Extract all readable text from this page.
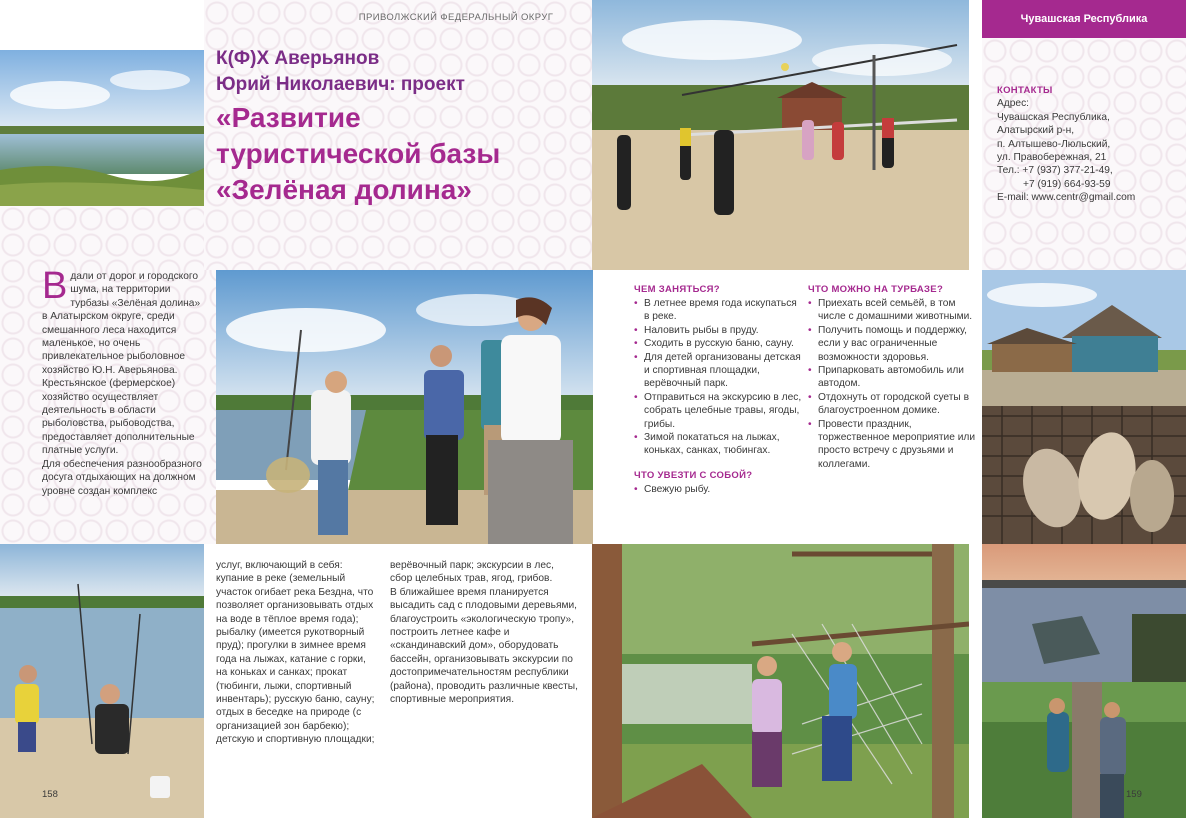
ПРИВОЛЖСКИЙ ФЕДЕРАЛЬНЫЙ ОКРУГ	Чувашская Республика
К(Ф)Х Аверьянов
Юрий Николаевич: проект
«Развитие
туристической базы
«Зелёная долина»
Вдали от дорог и городского шума, на территории турбазы «Зелёная долина» в Алатырском округе, среди смешанного леса находится маленькое, но очень привлекательное рыболовное хозяйство Ю.Н. Аверьянова. Крестьянское (фермерское) хозяйство осуществляет деятельность в области рыболовства, рыбоводства, предоставляет дополнительные платные услуги.
Для обеспечения разнообразного досуга отдыхающих на должном уровне создан комплекс
ЧЕМ ЗАНЯТЬСЯ?
• В летнее время года искупаться в реке.
• Наловить рыбы в пруду.
• Сходить в русскую баню, сауну.
• Для детей организованы детская и спортивная площадки, верёвочный парк.
• Отправиться на экскурсию в лес, собрать целебные травы, ягоды, грибы.
• Зимой покататься на лыжах, коньках, санках, тюбингах.
ЧТО УВЕЗТИ С СОБОЙ?
• Свежую рыбу.
ЧТО МОЖНО НА ТУРБАЗЕ?
• Приехать всей семьёй, в том числе с домашними животными.
• Получить помощь и поддержку, если у вас ограниченные возможности здоровья.
• Припарковать автомобиль или автодом.
• Отдохнуть от городской суеты в благоустроенном домике.
• Провести праздник, торжественное мероприятие или просто встречу с друзьями и коллегами.
КОНТАКТЫ
Адрес:
Чувашская Республика,
Алатырский р-н,
п. Алтышево-Люльский,
ул. Правобережная, 21
Тел.: +7 (937) 377-21-49,
+7 (919) 664-93-59
E-mail: www.centr@gmail.com
158
услуг, включающий в себя: купание в реке (земельный участок огибает река Бездна, что позволяет организовывать отдых на воде в тёплое время года); рыбалку (имеется рукотворный пруд); прогулки в зимнее время года на лыжах, катание с горки, на коньках и санках; прокат (тюбинги, лыжи, спортивный инвентарь); русскую баню, сауну; отдых в беседке на природе (с организацией зон барбекю); детскую и спортивную площадки;
верёвочный парк; экскурсии в лес, сбор целебных трав, ягод, грибов.
В ближайшее время планируется высадить сад с плодовыми деревьями, благоустроить «экологическую тропу», построить летнее кафе и «скандинавский дом», оборудовать бассейн, организовывать экскурсии по достопримечательностям республики (района), проводить различные квесты, спортивные мероприятия.
159
